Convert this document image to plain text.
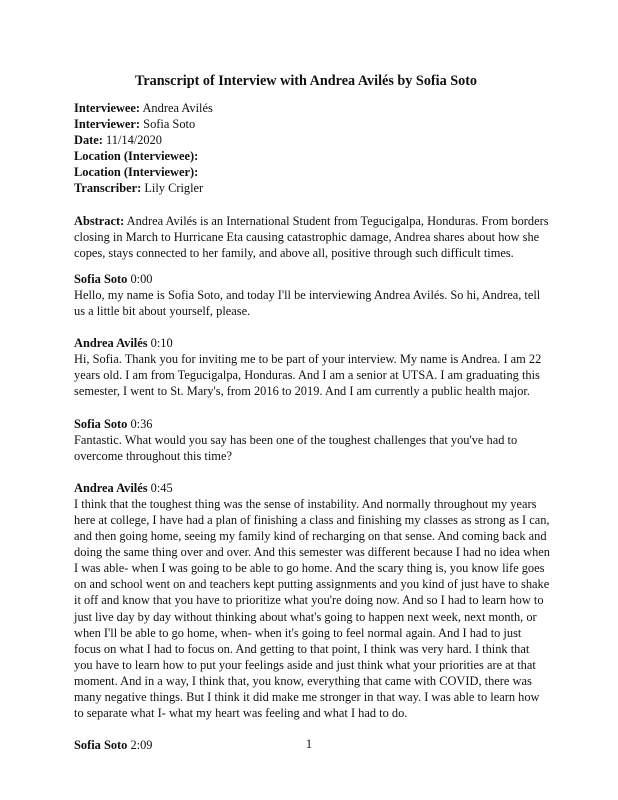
Transcript of Interview with Andrea Avilés by Sofia Soto
Interviewee: Andrea Avilés
Interviewer: Sofia Soto
Date: 11/14/2020
Location (Interviewee):
Location (Interviewer):
Transcriber: Lily Crigler

Abstract: Andrea Avilés is an International Student from Tegucigalpa, Honduras. From borders closing in March to Hurricane Eta causing catastrophic damage, Andrea shares about how she copes, stays connected to her family, and above all, positive through such difficult times.

Sofia Soto 0:00

Hello, my name is Sofia Soto, and today I'll be interviewing Andrea Avilés. So hi, Andrea, tell us a little bit about yourself, please.

Andrea Avilés 0:10

Hi, Sofia. Thank you for inviting me to be part of your interview. My name is Andrea. I am 22 years old. I am from Tegucigalpa, Honduras. And I am a senior at UTSA. I am graduating this semester, I went to St. Mary's, from 2016 to 2019. And I am currently a public health major.

Sofia Soto 0:36

Fantastic. What would you say has been one of the toughest challenges that you've had to overcome throughout this time?

Andrea Avilés 0:45

I think that the toughest thing was the sense of instability. And normally throughout my years here at college, I have had a plan of finishing a class and finishing my classes as strong as I can, and then going home, seeing my family kind of recharging on that sense. And coming back and doing the same thing over and over. And this semester was different because I had no idea when I was able- when I was going to be able to go home. And the scary thing is, you know life goes on and school went on and teachers kept putting assignments and you kind of just have to shake it off and know that you have to prioritize what you're doing now. And so I had to learn how to just live day by day without thinking about what's going to happen next week, next month, or when I'll be able to go home, when- when it's going to feel normal again. And I had to just focus on what I had to focus on. And getting to that point, I think was very hard. I think that you have to learn how to put your feelings aside and just think what your priorities are at that moment. And in a way, I think that, you know, everything that came with COVID, there was many negative things. But I think it did make me stronger in that way. I was able to learn how to separate what I- what my heart was feeling and what I had to do.

Sofia Soto 2:09	1
